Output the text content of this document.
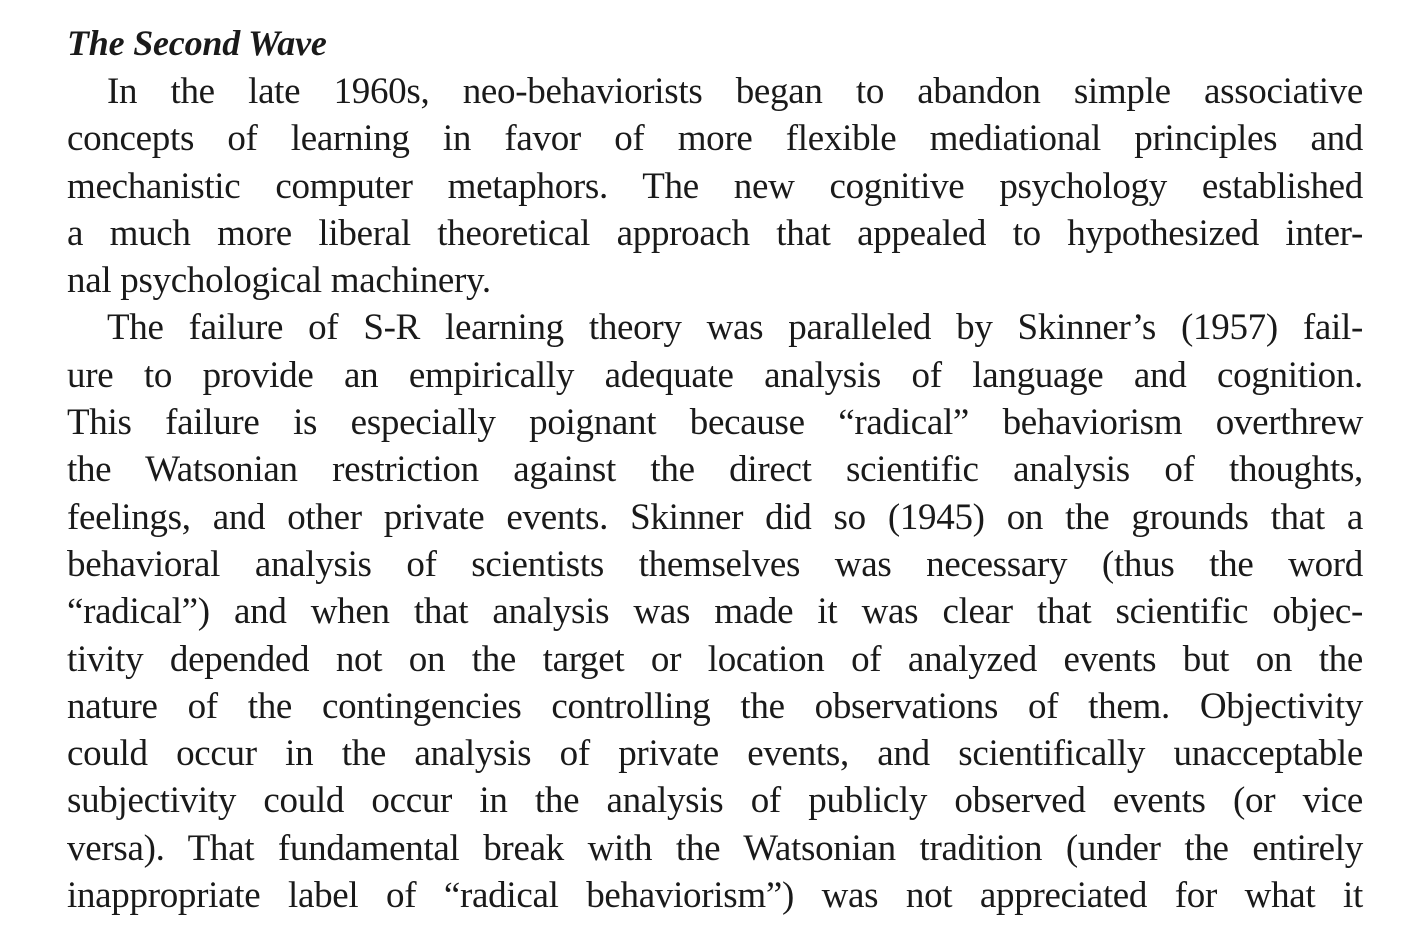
The Second Wave
In the late 1960s, neo-behaviorists began to abandon simple associative
concepts of learning in favor of more flexible mediational principles and
mechanistic computer metaphors. The new cognitive psychology established
a much more liberal theoretical approach that appealed to hypothesized inter-
nal psychological machinery.
The failure of S-R learning theory was paralleled by Skinner’s (1957) fail-
ure to provide an empirically adequate analysis of language and cognition.
This failure is especially poignant because “radical” behaviorism overthrew
the Watsonian restriction against the direct scientific analysis of thoughts,
feelings, and other private events. Skinner did so (1945) on the grounds that a
behavioral analysis of scientists themselves was necessary (thus the word
“radical”) and when that analysis was made it was clear that scientific objec-
tivity depended not on the target or location of analyzed events but on the
nature of the contingencies controlling the observations of them. Objectivity
could occur in the analysis of private events, and scientifically unacceptable
subjectivity could occur in the analysis of publicly observed events (or vice
versa). That fundamental break with the Watsonian tradition (under the entirely
inappropriate label of “radical behaviorism”) was not appreciated for what it
